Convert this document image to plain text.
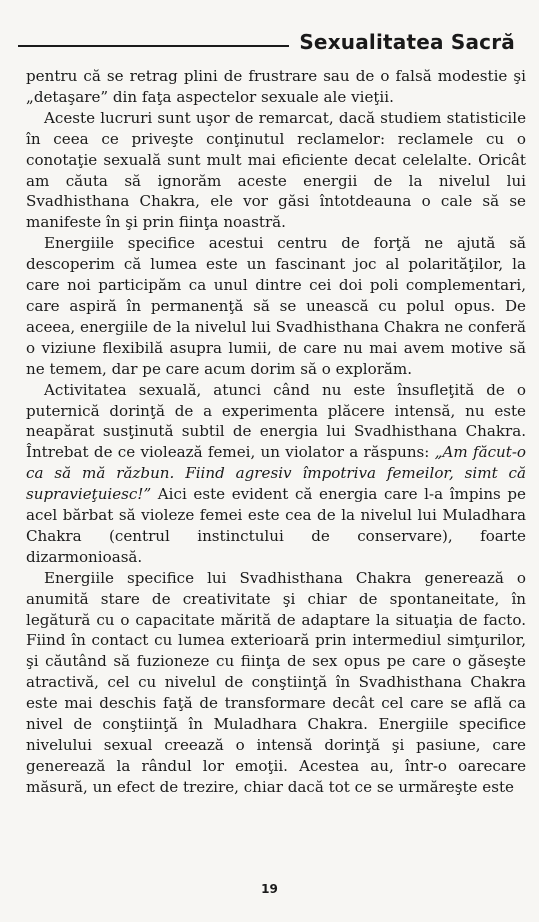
Sexualitatea Sacră

pentru că se retrag plini de frustrare sau de o falsă modestie şi „detaşare” din faţa aspectelor sexuale ale vieţii.

Aceste lucruri sunt uşor de remarcat, dacă studiem statisticile în ceea ce priveşte conţinutul reclamelor: reclamele cu o conotaţie sexuală sunt mult mai eficiente decat celelalte. Oricât am căuta să ignorăm aceste energii de la nivelul lui Svadhisthana Chakra, ele vor găsi întotdeauna o cale să se manifeste în şi prin fiinţa noastră.

Energiile specifice acestui centru de forţă ne ajută să descoperim că lumea este un fascinant joc al polarităţilor, la care noi participăm ca unul dintre cei doi poli complementari, care aspiră în permanenţă să se unească cu polul opus. De aceea, energiile de la nivelul lui Svadhisthana Chakra ne conferă o viziune flexibilă asupra lumii, de care nu mai avem motive să ne temem, dar pe care acum dorim să o explorăm.

Activitatea sexuală, atunci când nu este însufleţită de o puternică dorinţă de a experimenta plăcere intensă, nu este neapărat susţinută subtil de energia lui Svadhisthana Chakra. Întrebat de ce violează femei, un violator a răspuns: „Am făcut-o ca să mă răzbun. Fiind agresiv împotriva femeilor, simt că supravieţuiesc!” Aici este evident că energia care l-a împins pe acel bărbat să violeze femei este cea de la nivelul lui Muladhara Chakra (centrul instinctului de conservare), foarte dizarmonioasă.

Energiile specifice lui Svadhisthana Chakra generează o anumită stare de creativitate şi chiar de spontaneitate, în legătură cu o capacitate mărită de adaptare la situaţia de facto. Fiind în contact cu lumea exterioară prin intermediul simţurilor, şi căutând să fuzioneze cu fiinţa de sex opus pe care o găseşte atractivă, cel cu nivelul de conştiinţă în Svadhisthana Chakra este mai deschis faţă de transformare decât cel care se află ca nivel de conştiinţă în Muladhara Chakra. Energiile specifice nivelului sexual creează o intensă dorinţă şi pasiune, care generează la rândul lor emoţii. Acestea au, într-o oarecare măsură, un efect de trezire, chiar dacă tot ce se urmăreşte este

19
